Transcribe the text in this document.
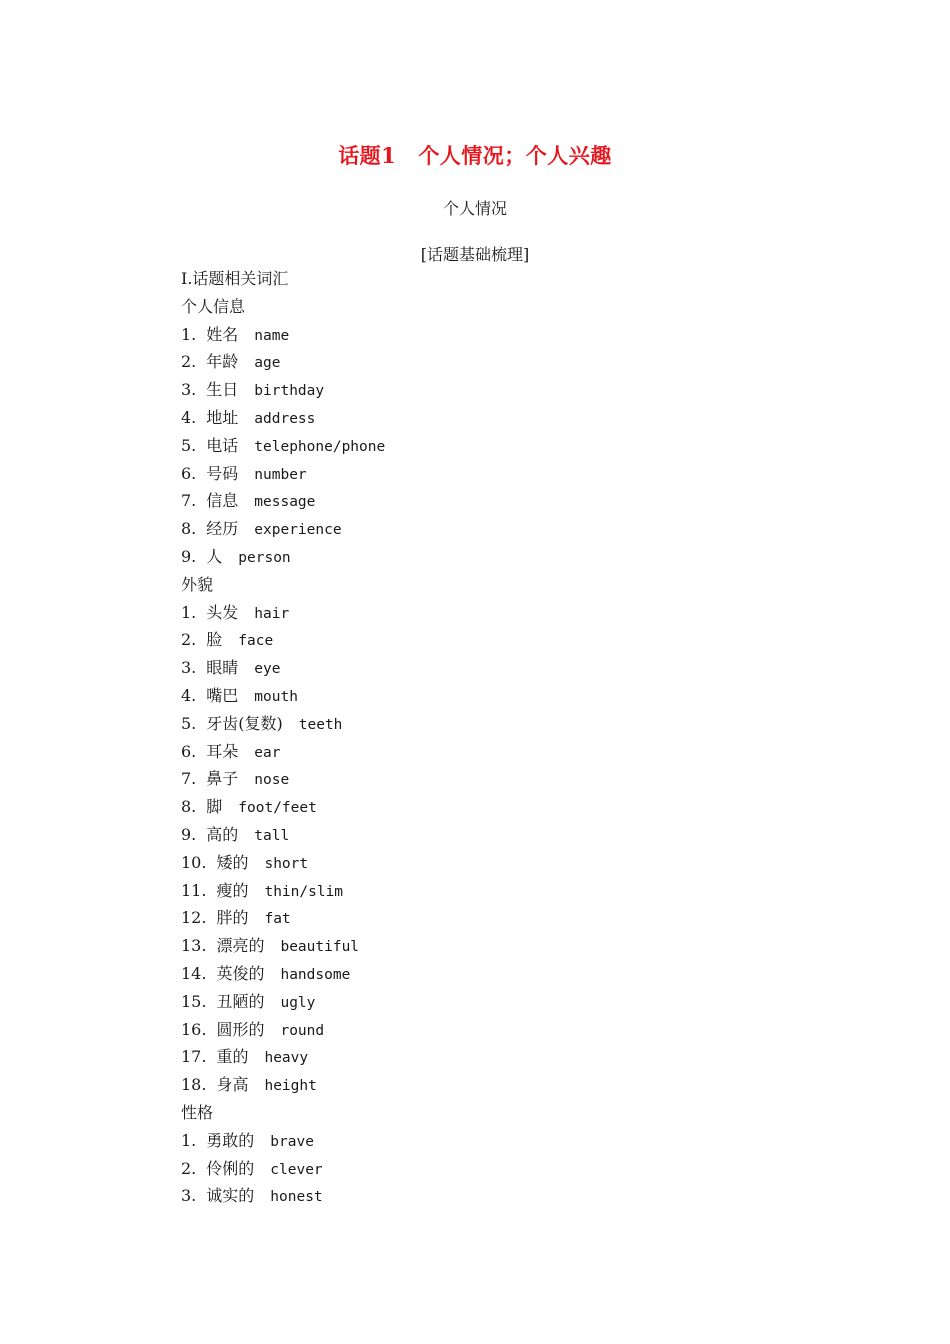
话题1 个人情况；个人兴趣
个人情况
[话题基础梳理]
Ⅰ.话题相关词汇
个人信息
1. 姓名 name
2. 年龄 age
3. 生日 birthday
4. 地址 address
5. 电话 telephone/phone
6. 号码 number
7. 信息 message
8. 经历 experience
9. 人 person
外貌
1. 头发 hair
2. 脸 face
3. 眼睛 eye
4. 嘴巴 mouth
5. 牙齿(复数) teeth
6. 耳朵 ear
7. 鼻子 nose
8. 脚 foot/feet
9. 高的 tall
10. 矮的 short
11. 瘦的 thin/slim
12. 胖的 fat
13. 漂亮的 beautiful
14. 英俊的 handsome
15. 丑陋的 ugly
16. 圆形的 round
17. 重的 heavy
18. 身高 height
性格
1. 勇敢的 brave
2. 伶俐的 clever
3. 诚实的 honest
